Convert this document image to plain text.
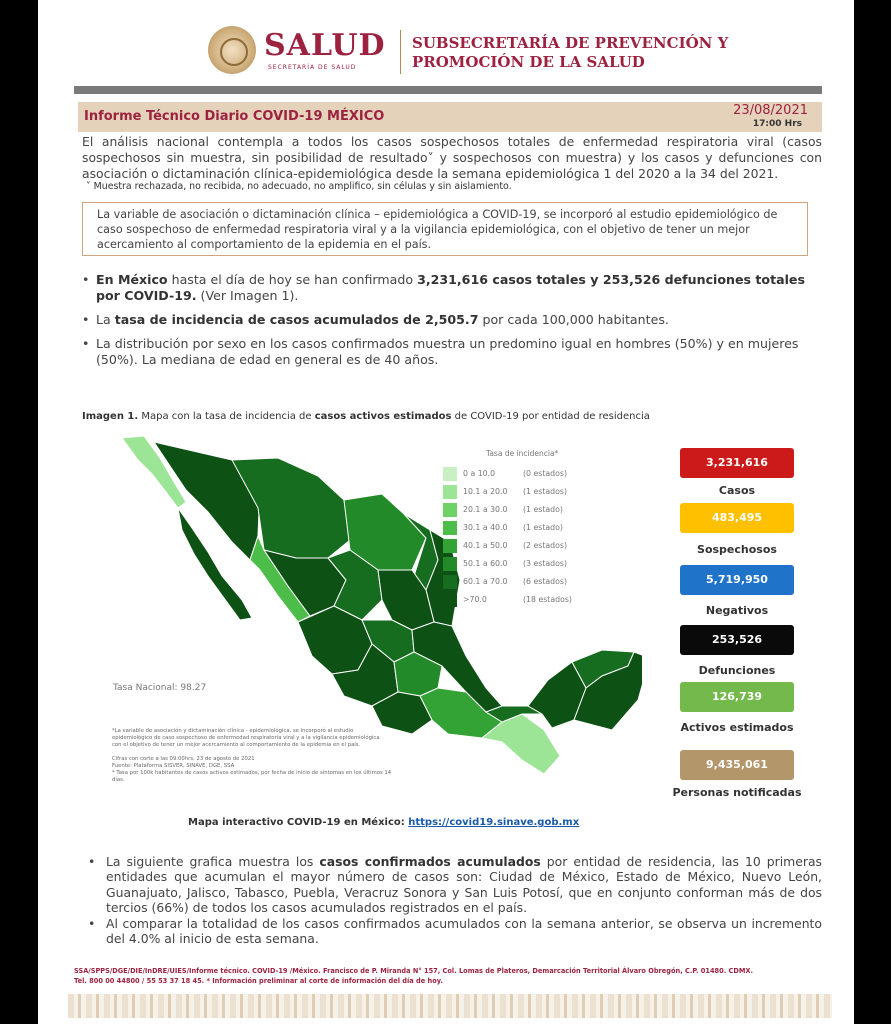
SALUD
SECRETARÍA DE SALUD
SUBSECRETARÍA DE PREVENCIÓN Y PROMOCIÓN DE LA SALUD
Informe Técnico Diario COVID-19 MÉXICO	23/08/2021
17:00 Hrs
El análisis nacional contempla a todos los casos sospechosos totales de enfermedad respiratoria viral (casos sospechosos sin muestra, sin posibilidad de resultado˅ y sospechosos con muestra) y los casos y defunciones con asociación o dictaminación clínica-epidemiológica desde la semana epidemiológica 1 del 2020 a la 34 del 2021.
˅ Muestra rechazada, no recibida, no adecuado, no amplifico, sin células y sin aislamiento.
La variable de asociación o dictaminación clínica – epidemiológica a COVID-19, se incorporó al estudio epidemiológico de caso sospechoso de enfermedad respiratoria viral y a la vigilancia epidemiológica, con el objetivo de tener un mejor acercamiento al comportamiento de la epidemia en el país.
• En México hasta el día de hoy se han confirmado 3,231,616 casos totales y 253,526 defunciones totales por COVID-19. (Ver Imagen 1).
• La tasa de incidencia de casos acumulados de 2,505.7 por cada 100,000 habitantes.
• La distribución por sexo en los casos confirmados muestra un predomino igual en hombres (50%) y en mujeres (50%). La mediana de edad en general es de 40 años.
Imagen 1. Mapa con la tasa de incidencia de casos activos estimados de COVID-19 por entidad de residencia
Tasa de incidencia*
0 a 10.0	(0 estados)
10.1 a 20.0 (1 estados)
20.1 a 30.0 (1 estado)
30.1 a 40.0 (1 estado)
40.1 a 50.0 (2 estados)
50.1 a 60.0 (3 estados)
60.1 a 70.0 (6 estados)
>70.0	(18 estados)
Tasa Nacional: 98.27
*La variable de asociación y dictaminación clínica - epidemiológica, se incorporó al estudio
epidemiológico de caso sospechoso de enfermedad respiratoria viral y a la vigilancia epidemiológica
con el objetivo de tener un mejor acercamiento al comportamiento de la epidemia en el país.
Cifras con corte a las 09:00hrs, 23 de agosto de 2021
Fuente: Plataforma SISVER, SINAVE, DGE, SSA
* Tasa por 100k habitantes de casos activos estimados, por fecha de inicio de síntomas en los últimos 14 días.
3,231,616
Casos
483,495
Sospechosos
5,719,950
Negativos
253,526
Defunciones
126,739
Activos estimados
9,435,061
Personas notificadas
Mapa interactivo COVID-19 en México: https://covid19.sinave.gob.mx
• La siguiente grafica muestra los casos confirmados acumulados por entidad de residencia, las 10 primeras entidades que acumulan el mayor número de casos son: Ciudad de México, Estado de México, Nuevo León, Guanajuato, Jalisco, Tabasco, Puebla, Veracruz Sonora y San Luis Potosí, que en conjunto conforman más de dos tercios (66%) de todos los casos acumulados registrados en el país.
• Al comparar la totalidad de los casos confirmados acumulados con la semana anterior, se observa un incremento del 4.0% al inicio de esta semana.
SSA/SPPS/DGE/DIE/InDRE/UIES/Informe técnico. COVID-19 /México. Francisco de P. Miranda N° 157, Col. Lomas de Plateros, Demarcación Territorial Álvaro Obregón, C.P. 01480. CDMX.
Tel. 800 00 44800 / 55 53 37 18 45. * Información preliminar al corte de información del día de hoy.
